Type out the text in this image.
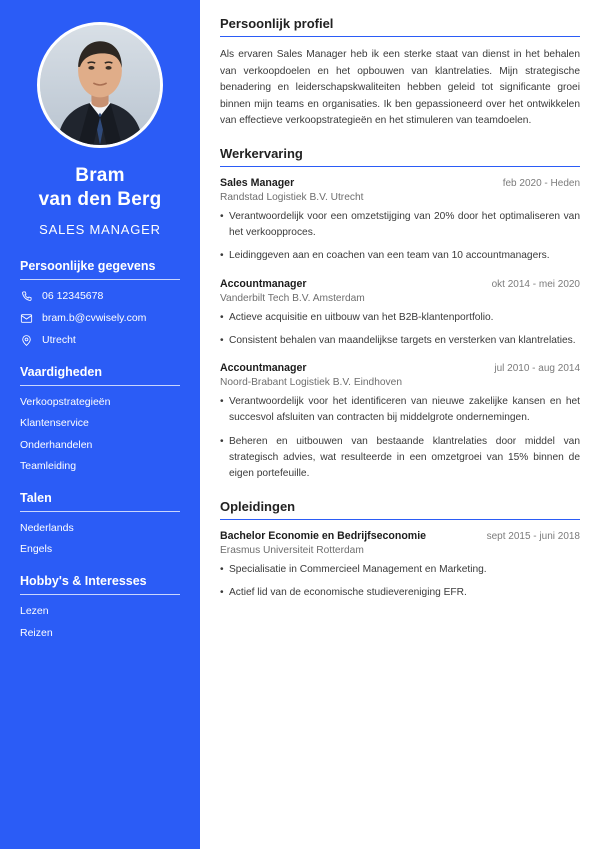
Bram
van den Berg
SALES MANAGER
Persoonlijke gegevens
06 12345678
bram.b@cvwisely.com
Utrecht
Vaardigheden
Verkoopstrategieën
Klantenservice
Onderhandelen
Teamleiding
Talen
Nederlands
Engels
Hobby's & Interesses
Lezen
Reizen
Persoonlijk profiel

Als ervaren Sales Manager heb ik een sterke staat van dienst in het behalen van verkoopdoelen en het opbouwen van klantrelaties. Mijn strategische benadering en leiderschapskwaliteiten hebben geleid tot significante groei binnen mijn teams en organisaties. Ik ben gepassioneerd over het ontwikkelen van effectieve verkoopstrategieën en het stimuleren van teamdoelen.

Werkervaring
Sales Manager	feb 2020 - Heden
Randstad Logistiek B.V. Utrecht
• Verantwoordelijk voor een omzetstijging van 20% door het optimaliseren van het verkoopproces.
• Leidinggeven aan en coachen van een team van 10 accountmanagers.
Accountmanager	okt 2014 - mei 2020
Vanderbilt Tech B.V. Amsterdam
• Actieve acquisitie en uitbouw van het B2B-klantenportfolio.
• Consistent behalen van maandelijkse targets en versterken van klantrelaties.
Accountmanager	jul 2010 - aug 2014
Noord-Brabant Logistiek B.V. Eindhoven
• Verantwoordelijk voor het identificeren van nieuwe zakelijke kansen en het succesvol afsluiten van contracten bij middelgrote ondernemingen.
• Beheren en uitbouwen van bestaande klantrelaties door middel van strategisch advies, wat resulteerde in een omzetgroei van 15% binnen de eigen portefeuille.
Opleidingen
Bachelor Economie en Bedrijfseconomie	sept 2015 - juni 2018
Erasmus Universiteit Rotterdam
• Specialisatie in Commercieel Management en Marketing.
• Actief lid van de economische studievereniging EFR.
